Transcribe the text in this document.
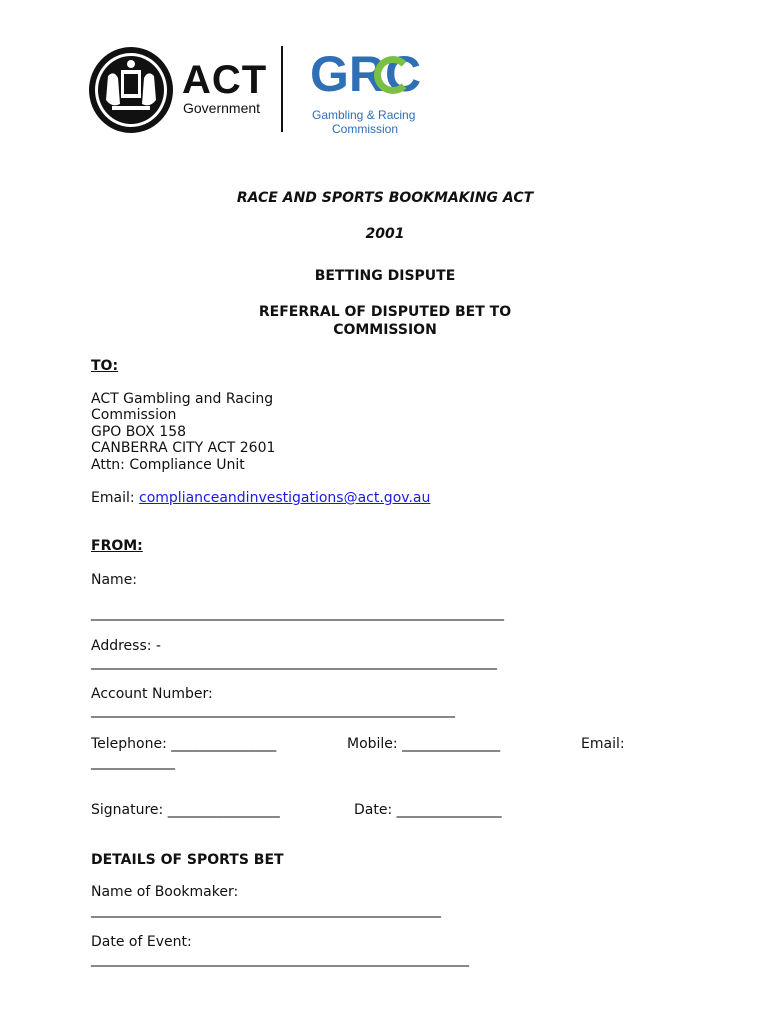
ACT
Government
GRC
Gambling & Racing
Commission
RACE AND SPORTS BOOKMAKING ACT
2001
BETTING DISPUTE
REFERRAL OF DISPUTED BET TO
COMMISSION
TO:
ACT Gambling and Racing
Commission
GPO BOX 158
CANBERRA CITY ACT 2601
Attn: Compliance Unit
Email: complianceandinvestigations@act.gov.au
FROM:
Name:
___________________________________________________________
Address: -
__________________________________________________________
Account Number:
____________________________________________________
Telephone: _______________	Mobile: ______________	Email:
____________
Signature: ________________	Date: _______________
DETAILS OF SPORTS BET
Name of Bookmaker:
__________________________________________________
Date of Event:
______________________________________________________
